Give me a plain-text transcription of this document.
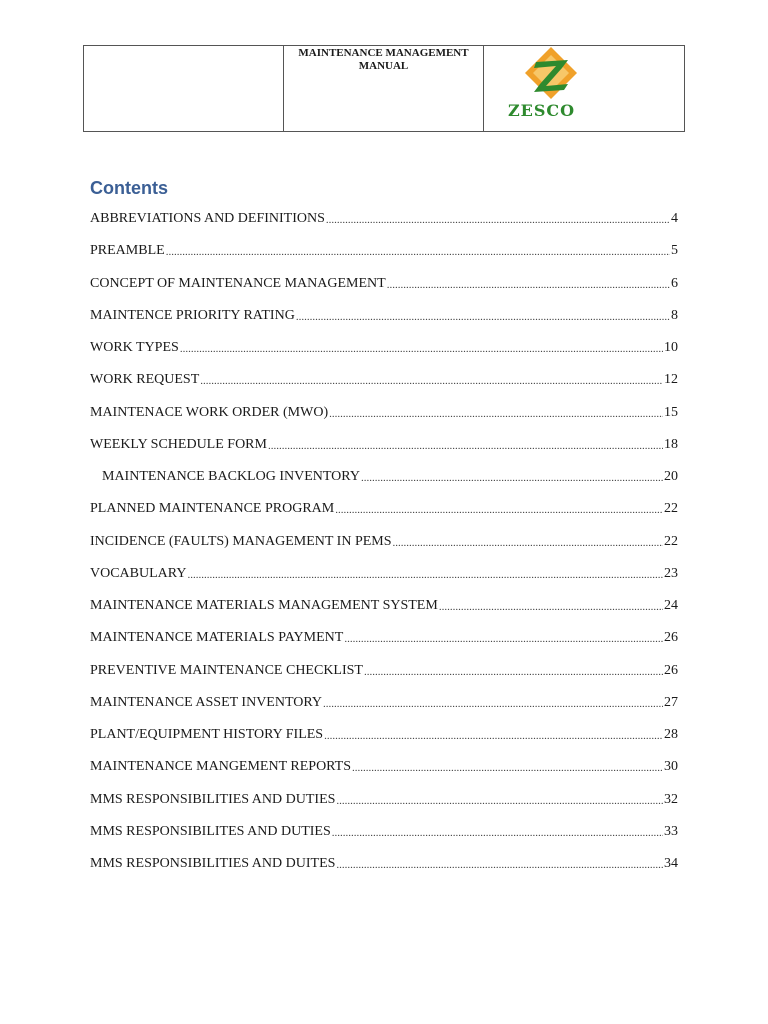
MAINTENANCE MANAGEMENT
MANUAL
ZESCO
Contents
ABBREVIATIONS AND DEFINITIONS .....	4
PREAMBLE .....	5
CONCEPT OF MAINTENANCE MANAGEMENT .....	6
MAINTENCE PRIORITY RATING .....	8
WORK TYPES .....	10
WORK REQUEST .....	12
MAINTENACE WORK ORDER (MWO) .....	15
WEEKLY SCHEDULE FORM .....	18
MAINTENANCE BACKLOG INVENTORY .....	20
PLANNED MAINTENANCE PROGRAM .....	22
INCIDENCE (FAULTS) MANAGEMENT IN PEMS .....	22
VOCABULARY .....	23
MAINTENANCE MATERIALS MANAGEMENT SYSTEM .....	24
MAINTENANCE MATERIALS PAYMENT .....	26
PREVENTIVE MAINTENANCE CHECKLIST .....	26
MAINTENANCE ASSET INVENTORY .....	27
PLANT/EQUIPMENT HISTORY FILES .....	28
MAINTENANCE MANGEMENT REPORTS .....	30
MMS RESPONSIBILITIES AND DUTIES .....	32
MMS RESPONSIBILITES AND DUTIES .....	33
MMS RESPONSIBILITIES AND DUITES .....	34
